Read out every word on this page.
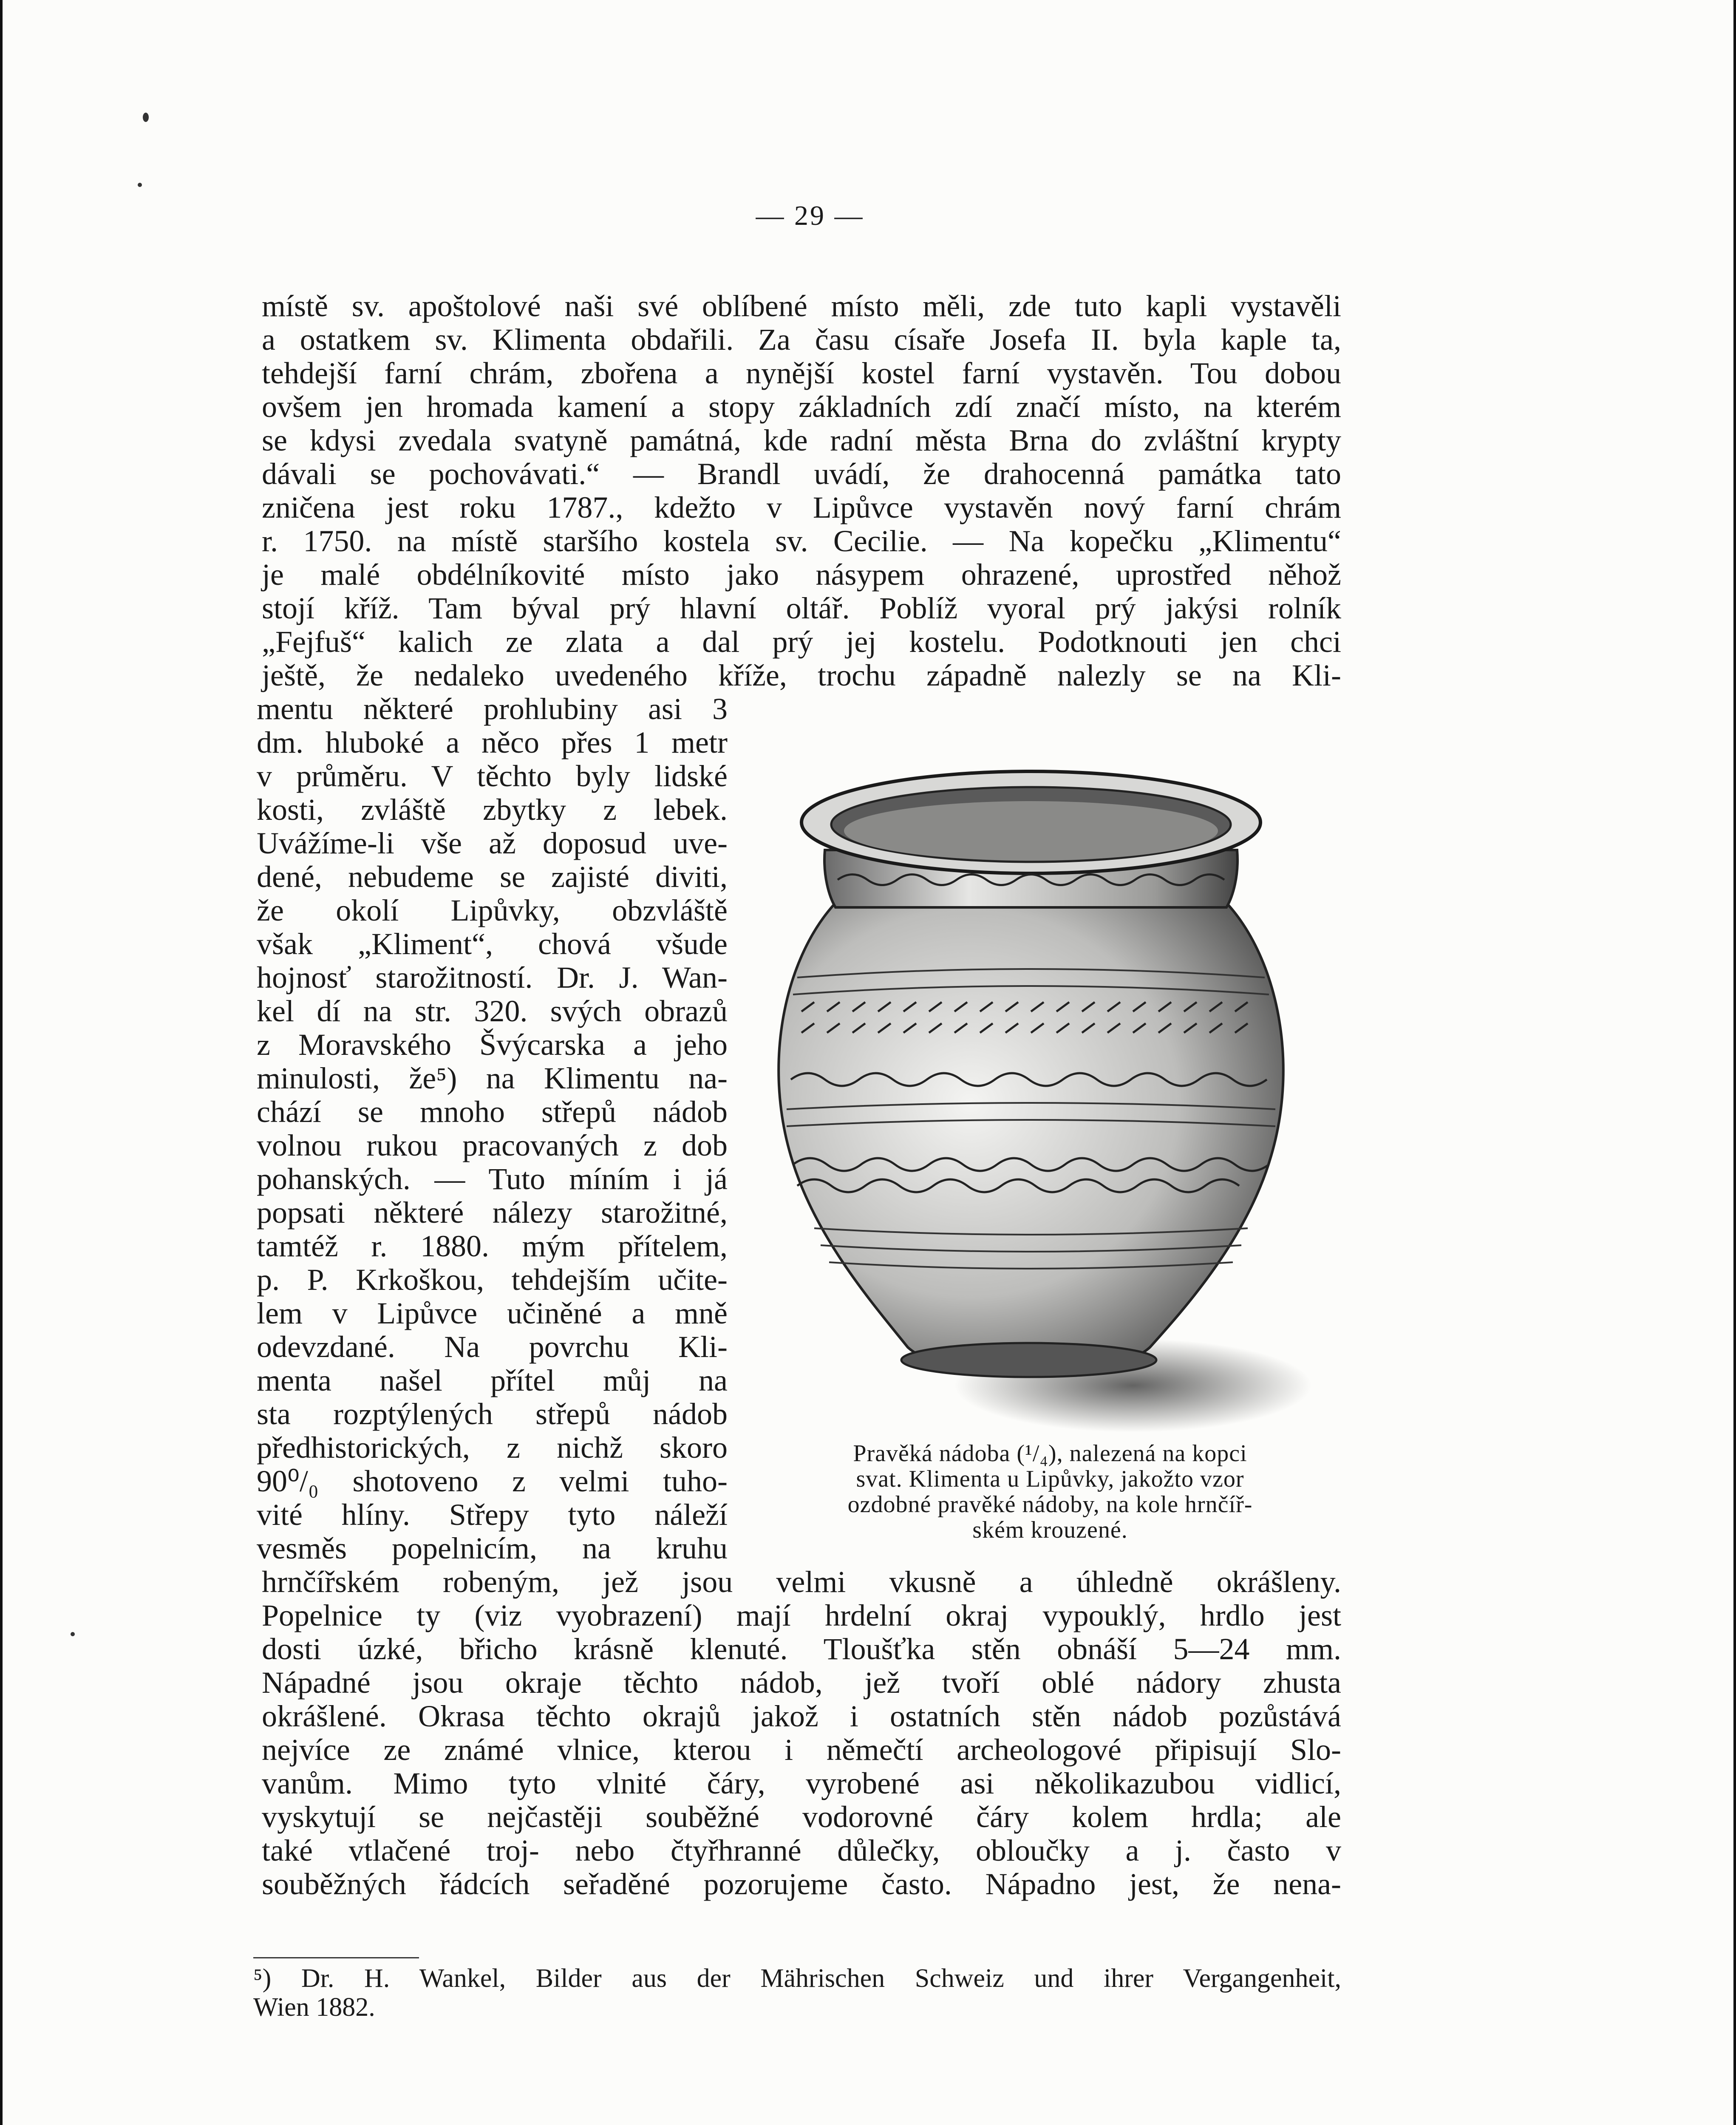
— 29 —
místě sv. apoštolové naši své oblíbené místo měli, zde tuto kapli vystavěli
a ostatkem sv. Klimenta obdařili. Za času císaře Josefa II. byla kaple ta,
tehdejší farní chrám, zbořena a nynější kostel farní vystavěn. Tou dobou
ovšem jen hromada kamení a stopy základních zdí značí místo, na kterém
se kdysi zvedala svatyně památná, kde radní města Brna do zvláštní krypty
dávali se pochovávati.“ — Brandl uvádí, že drahocenná památka tato
zničena jest roku 1787., kdežto v Lipůvce vystavěn nový farní chrám
r. 1750. na místě staršího kostela sv. Cecilie. — Na kopečku „Klimentu“
je malé obdélníkovité místo jako násypem ohrazené, uprostřed něhož
stojí kříž. Tam býval prý hlavní oltář. Poblíž vyoral prý jakýsi rolník
„Fejfuš“ kalich ze zlata a dal prý jej kostelu. Podotknouti jen chci
ještě, že nedaleko uvedeného kříže, trochu západně nalezly se na Kli-
mentu některé prohlubiny asi 3
dm. hluboké a něco přes 1 metr
v průměru. V těchto byly lidské
kosti, zvláště zbytky z lebek.
Uvážíme-li vše až doposud uve-
dené, nebudeme se zajisté diviti,
že okolí Lipůvky, obzvláště
však „Kliment“, chová všude
hojnosť starožitností. Dr. J. Wan-
kel dí na str. 320. svých obrazů
z Moravského Švýcarska a jeho
minulosti, že⁵) na Klimentu na-
chází se mnoho střepů nádob
volnou rukou pracovaných z dob
pohanských. — Tuto míním i já
popsati některé nálezy starožitné,
tamtéž r. 1880. mým přítelem,
p. P. Krkoškou, tehdejším učite-
lem v Lipůvce učiněné a mně
odevzdané. Na povrchu Kli-
menta našel přítel můj na
sta rozptýlených střepů nádob
předhistorických, z nichž skoro
90⁰/₀ shotoveno z velmi tuho-
vité hlíny. Střepy tyto náleží
vesměs popelnicím, na kruhu
Pravěká nádoba (¹/₄), nalezená na kopci
svat. Klimenta u Lipůvky, jakožto vzor
ozdobné pravěké nádoby, na kole hrnčíř-
ském krouzené.
hrnčířském robeným, jež jsou velmi vkusně a úhledně okrášleny.
Popelnice ty (viz vyobrazení) mají hrdelní okraj vypouklý, hrdlo jest
dosti úzké, břicho krásně klenuté. Tloušťka stěn obnáší 5—24 mm.
Nápadné jsou okraje těchto nádob, jež tvoří oblé nádory zhusta
okrášlené. Okrasa těchto okrajů jakož i ostatních stěn nádob pozůstává
nejvíce ze známé vlnice, kterou i němečtí archeologové připisují Slo-
vanům. Mimo tyto vlnité čáry, vyrobené asi několikazubou vidlicí,
vyskytují se nejčastěji souběžné vodorovné čáry kolem hrdla; ale
také vtlačené troj- nebo čtyřhranné důlečky, obloučky a j. často v
souběžných řádcích seřaděné pozorujeme často. Nápadno jest, že nena-
⁵) Dr. H. Wankel, Bilder aus der Mährischen Schweiz und ihrer Vergangenheit,
Wien 1882.
